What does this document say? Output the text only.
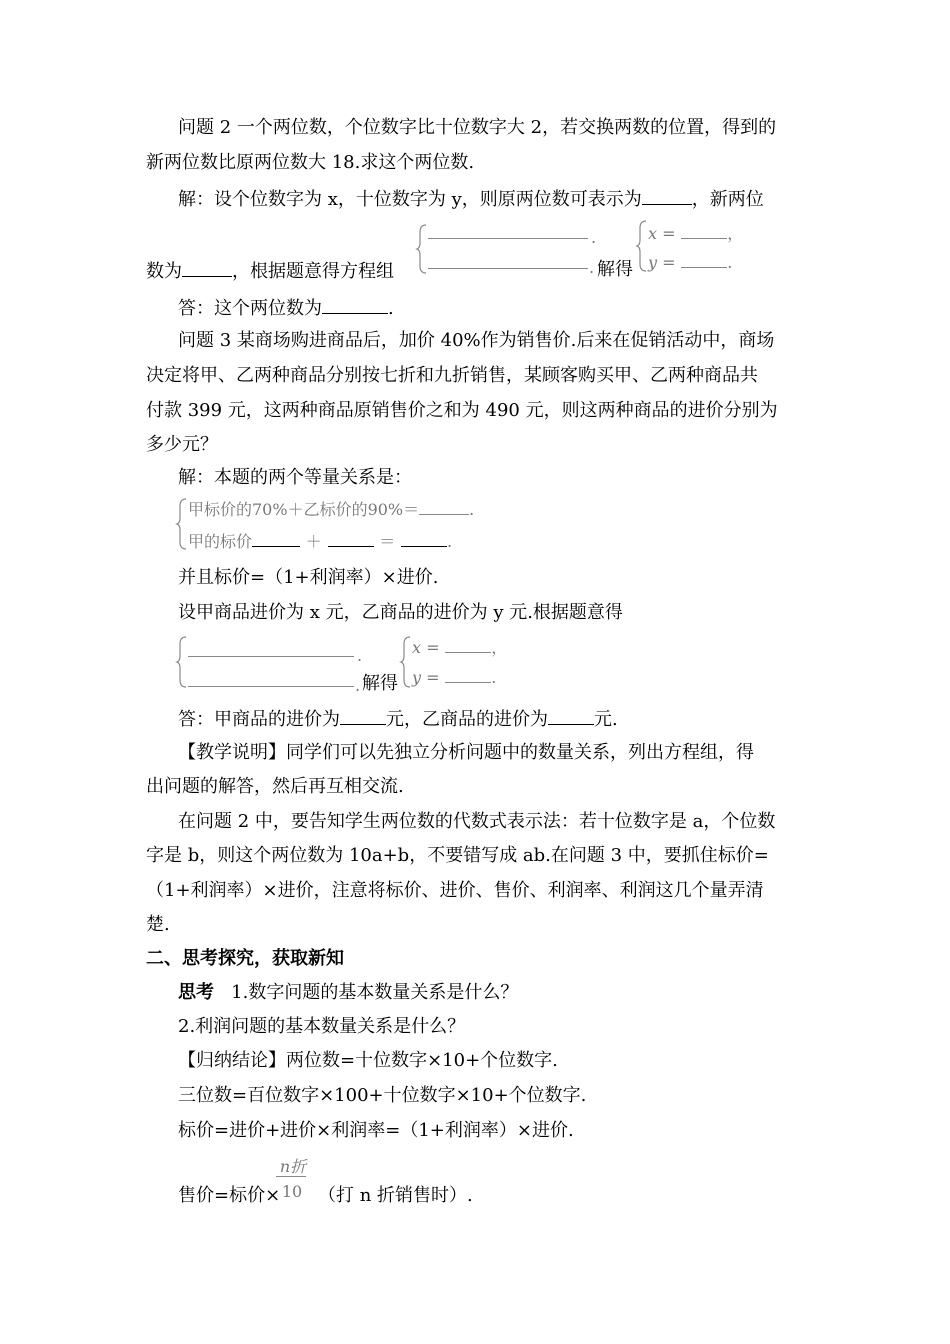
问题 2 一个两位数，个位数字比十位数字大 2，若交换两数的位置，得到的
新两位数比原两位数大 18.求这个两位数.
解：设个位数字为 x，十位数字为 y，则原两位数可表示为	，新两位
.
.
数为	，根据题意得方程组	解得
x =	，
y =	.
答：这个两位数为	.
问题 3 某商场购进商品后，加价 40%作为销售价.后来在促销活动中，商场
决定将甲、乙两种商品分别按七折和九折销售，某顾客购买甲、乙两种商品共
付款 399 元，这两种商品原销售价之和为 490 元，则这两种商品的进价分别为
多少元？
解：本题的两个等量关系是：
甲标价的70%＋乙标价的90%＝	.
甲的标价	＋	＝	.
并且标价=（1+利润率）×进价.
设甲商品进价为 x 元，乙商品的进价为 y 元.根据题意得
.
. 解得
x =	，
y =	.
答：甲商品的进价为	元，乙商品的进价为	元.
【教学说明】同学们可以先独立分析问题中的数量关系，列出方程组，得
出问题的解答，然后再互相交流.
在问题 2 中，要告知学生两位数的代数式表示法：若十位数字是 a，个位数
字是 b，则这个两位数为 10a+b，不要错写成 ab.在问题 3 中，要抓住标价=
（1+利润率）×进价，注意将标价、进价、售价、利润率、利润这几个量弄清
楚.
二、思考探究，获取新知
思考 1.数字问题的基本数量关系是什么？
2.利润问题的基本数量关系是什么？
【归纳结论】两位数=十位数字×10+个位数字.
三位数=百位数字×100+十位数字×10+个位数字.
标价=进价+进价×利润率=（1+利润率）×进价.
售价=标价×
n折
10 （打 n 折销售时）.
